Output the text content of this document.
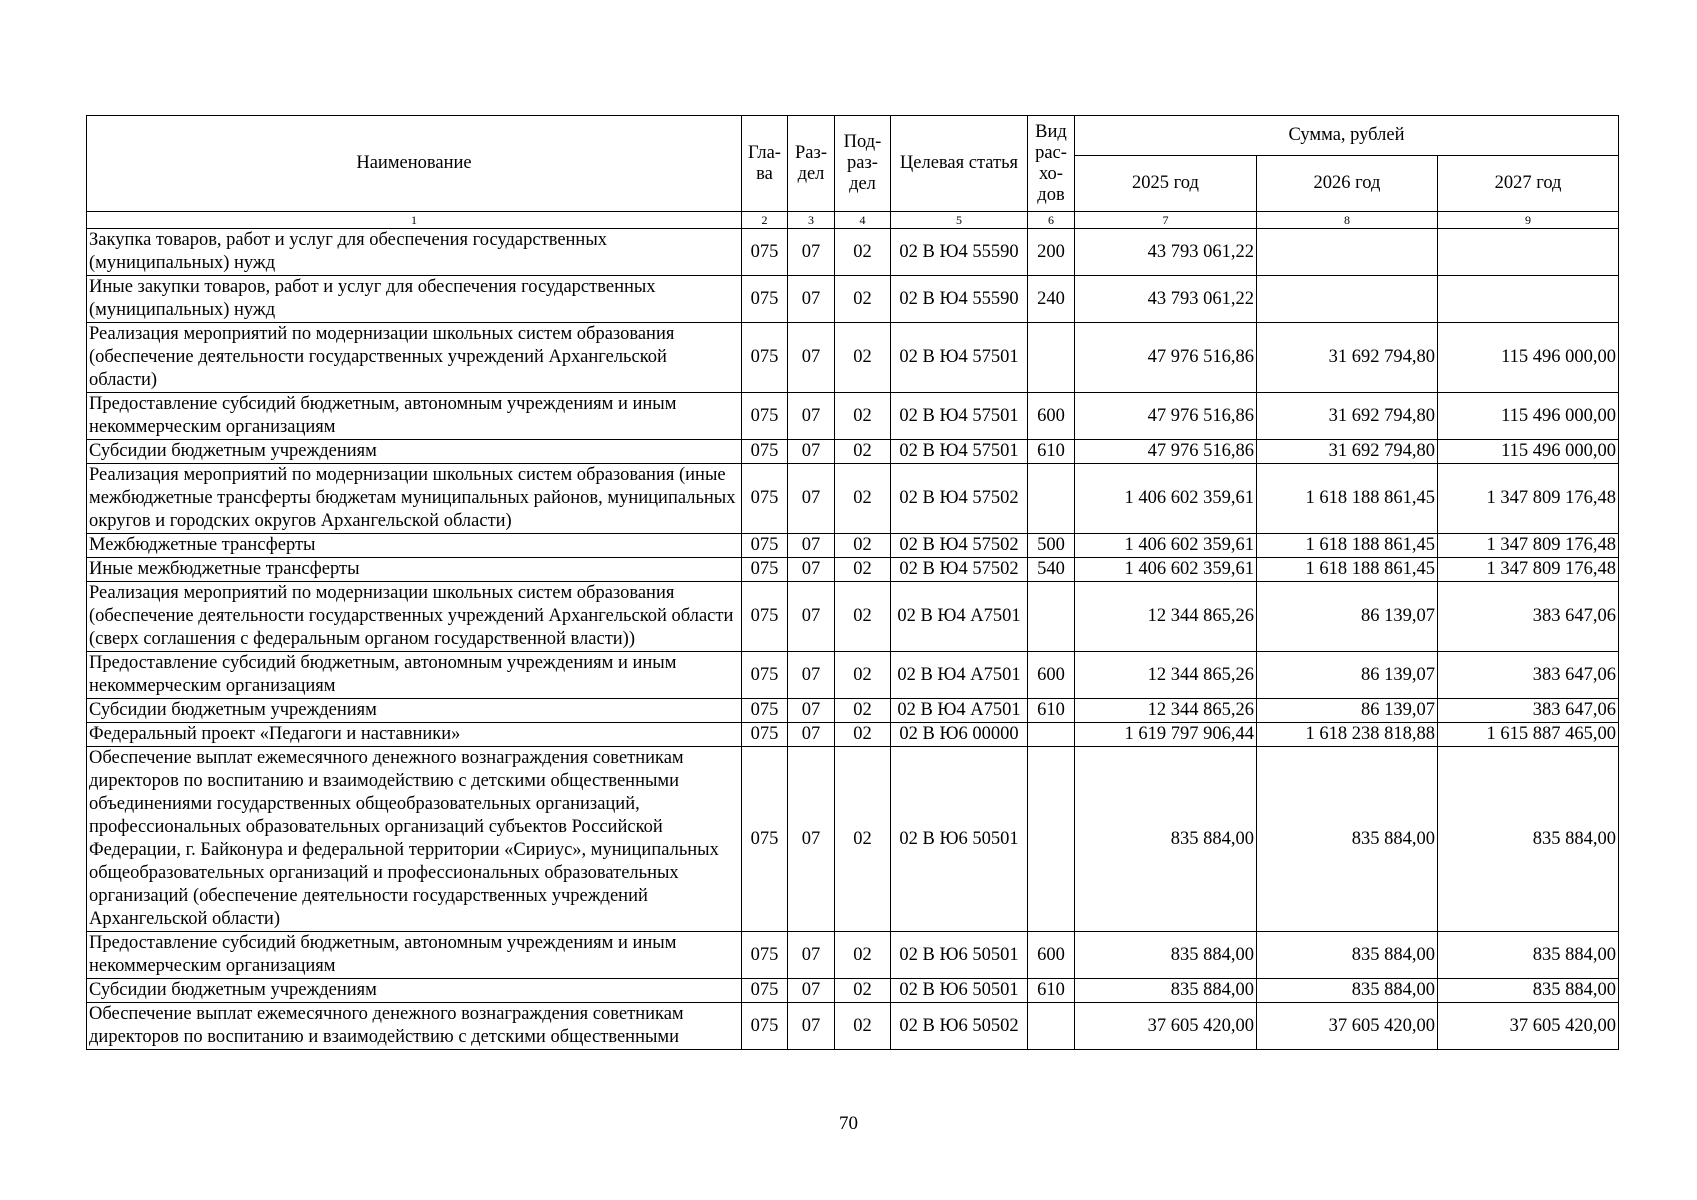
Наименование	Гла-ва	Раз-дел	Под-раз-дел	Целевая статья	Вид рас-хо-дов	Сумма, рублей		
						2025 год	2026 год	2027 год
1	2	3	4	5	6	7	8	9
Закупка товаров, работ и услуг для обеспечения государственных (муниципальных) нужд	075	07	02	02 В Ю4 55590	200	43 793 061,22		
Иные закупки товаров, работ и услуг для обеспечения государственных (муниципальных) нужд	075	07	02	02 В Ю4 55590	240	43 793 061,22		
Реализация мероприятий по модернизации школьных систем образования (обеспечение деятельности государственных учреждений Архангельской области)	075	07	02	02 В Ю4 57501		47 976 516,86	31 692 794,80	115 496 000,00
Предоставление субсидий бюджетным, автономным учреждениям и иным некоммерческим организациям	075	07	02	02 В Ю4 57501	600	47 976 516,86	31 692 794,80	115 496 000,00
Субсидии бюджетным учреждениям	075	07	02	02 В Ю4 57501	610	47 976 516,86	31 692 794,80	115 496 000,00
Реализация мероприятий по модернизации школьных систем образования (иные межбюджетные трансферты бюджетам муниципальных районов, муниципальных округов и городских округов Архангельской области)	075	07	02	02 В Ю4 57502		1 406 602 359,61	1 618 188 861,45	1 347 809 176,48
Межбюджетные трансферты	075	07	02	02 В Ю4 57502	500	1 406 602 359,61	1 618 188 861,45	1 347 809 176,48
Иные межбюджетные трансферты	075	07	02	02 В Ю4 57502	540	1 406 602 359,61	1 618 188 861,45	1 347 809 176,48
Реализация мероприятий по модернизации школьных систем образования (обеспечение деятельности государственных учреждений Архангельской области (сверх соглашения с федеральным органом государственной власти))	075	07	02	02 В Ю4 А7501		12 344 865,26	86 139,07	383 647,06
Предоставление субсидий бюджетным, автономным учреждениям и иным некоммерческим организациям	075	07	02	02 В Ю4 А7501	600	12 344 865,26	86 139,07	383 647,06
Субсидии бюджетным учреждениям	075	07	02	02 В Ю4 А7501	610	12 344 865,26	86 139,07	383 647,06
Федеральный проект «Педагоги и наставники»	075	07	02	02 В Ю6 00000		1 619 797 906,44	1 618 238 818,88	1 615 887 465,00
Обеспечение выплат ежемесячного денежного вознаграждения советникам директоров по воспитанию и взаимодействию с детскими общественными объединениями государственных общеобразовательных организаций, профессиональных образовательных организаций субъектов Российской Федерации, г. Байконура и федеральной территории «Сириус», муниципальных общеобразовательных организаций и профессиональных образовательных организаций (обеспечение деятельности государственных учреждений Архангельской области)	075	07	02	02 В Ю6 50501		835 884,00	835 884,00	835 884,00
Предоставление субсидий бюджетным, автономным учреждениям и иным некоммерческим организациям	075	07	02	02 В Ю6 50501	600	835 884,00	835 884,00	835 884,00
Субсидии бюджетным учреждениям	075	07	02	02 В Ю6 50501	610	835 884,00	835 884,00	835 884,00
Обеспечение выплат ежемесячного денежного вознаграждения советникам директоров по воспитанию и взаимодействию с детскими общественными	075	07	02	02 В Ю6 50502		37 605 420,00	37 605 420,00	37 605 420,00
70
